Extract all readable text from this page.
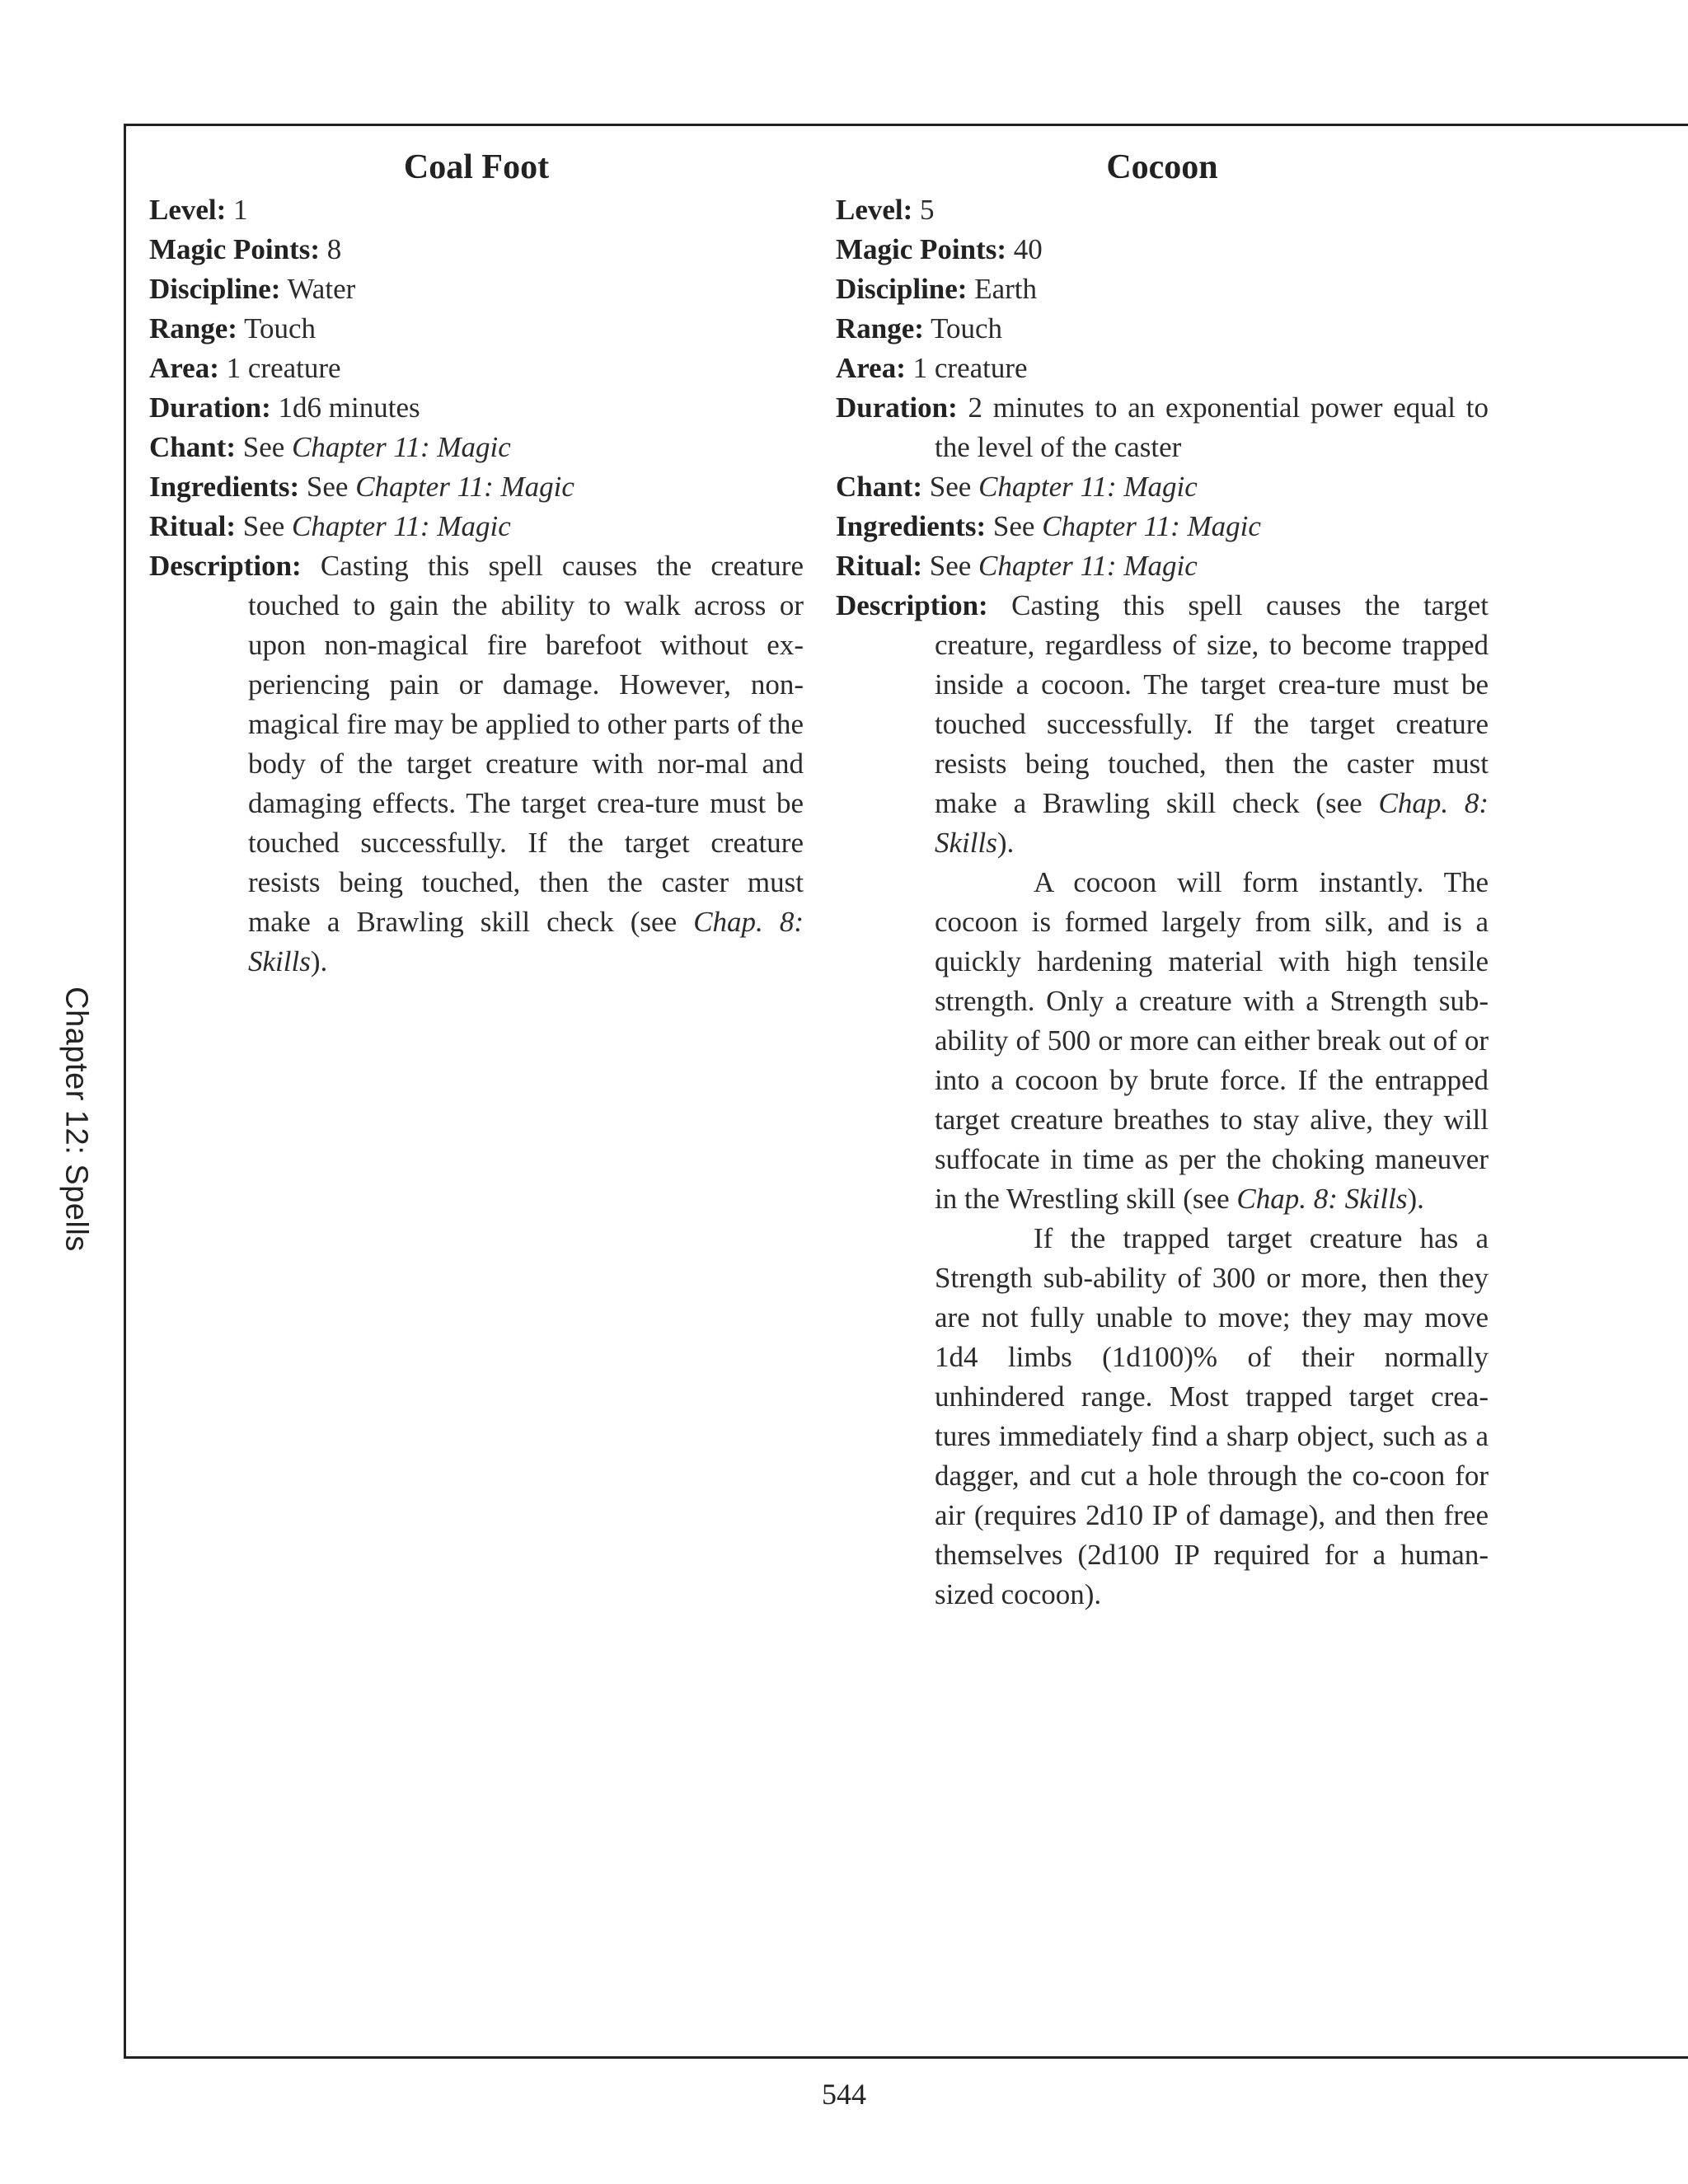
Chapter 12: Spells
Coal Foot

Level: 1

Magic Points: 8

Discipline: Water

Range: Touch

Area: 1 creature

Duration: 1d6 minutes

Chant: See Chapter 11: Magic

Ingredients: See Chapter 11: Magic

Ritual: See Chapter 11: Magic

Description: Casting this spell causes the creature touched to gain the ability to walk across or upon non-magical fire barefoot without ex-periencing pain or damage. However, non-magical fire may be applied to other parts of the body of the target creature with nor-mal and damaging effects. The target crea-ture must be touched successfully. If the target creature resists being touched, then the caster must make a Brawling skill check (see Chap. 8: Skills).
Cocoon

Level: 5

Magic Points: 40

Discipline: Earth

Range: Touch

Area: 1 creature

Duration: 2 minutes to an exponential power equal to the level of the caster

Chant: See Chapter 11: Magic

Ingredients: See Chapter 11: Magic

Ritual: See Chapter 11: Magic

Description: Casting this spell causes the target creature, regardless of size, to become trapped inside a cocoon. The target crea-ture must be touched successfully. If the target creature resists being touched, then the caster must make a Brawling skill check (see Chap. 8: Skills).

A cocoon will form instantly. The cocoon is formed largely from silk, and is a quickly hardening material with high tensile strength. Only a creature with a Strength sub-ability of 500 or more can either break out of or into a cocoon by brute force. If the entrapped target creature breathes to stay alive, they will suffocate in time as per the choking maneuver in the Wrestling skill (see Chap. 8: Skills).

If the trapped target creature has a Strength sub-ability of 300 or more, then they are not fully unable to move; they may move 1d4 limbs (1d100)% of their normally unhindered range. Most trapped target crea-tures immediately find a sharp object, such as a dagger, and cut a hole through the co-coon for air (requires 2d10 IP of damage), and then free themselves (2d100 IP required for a human-sized cocoon).

544
